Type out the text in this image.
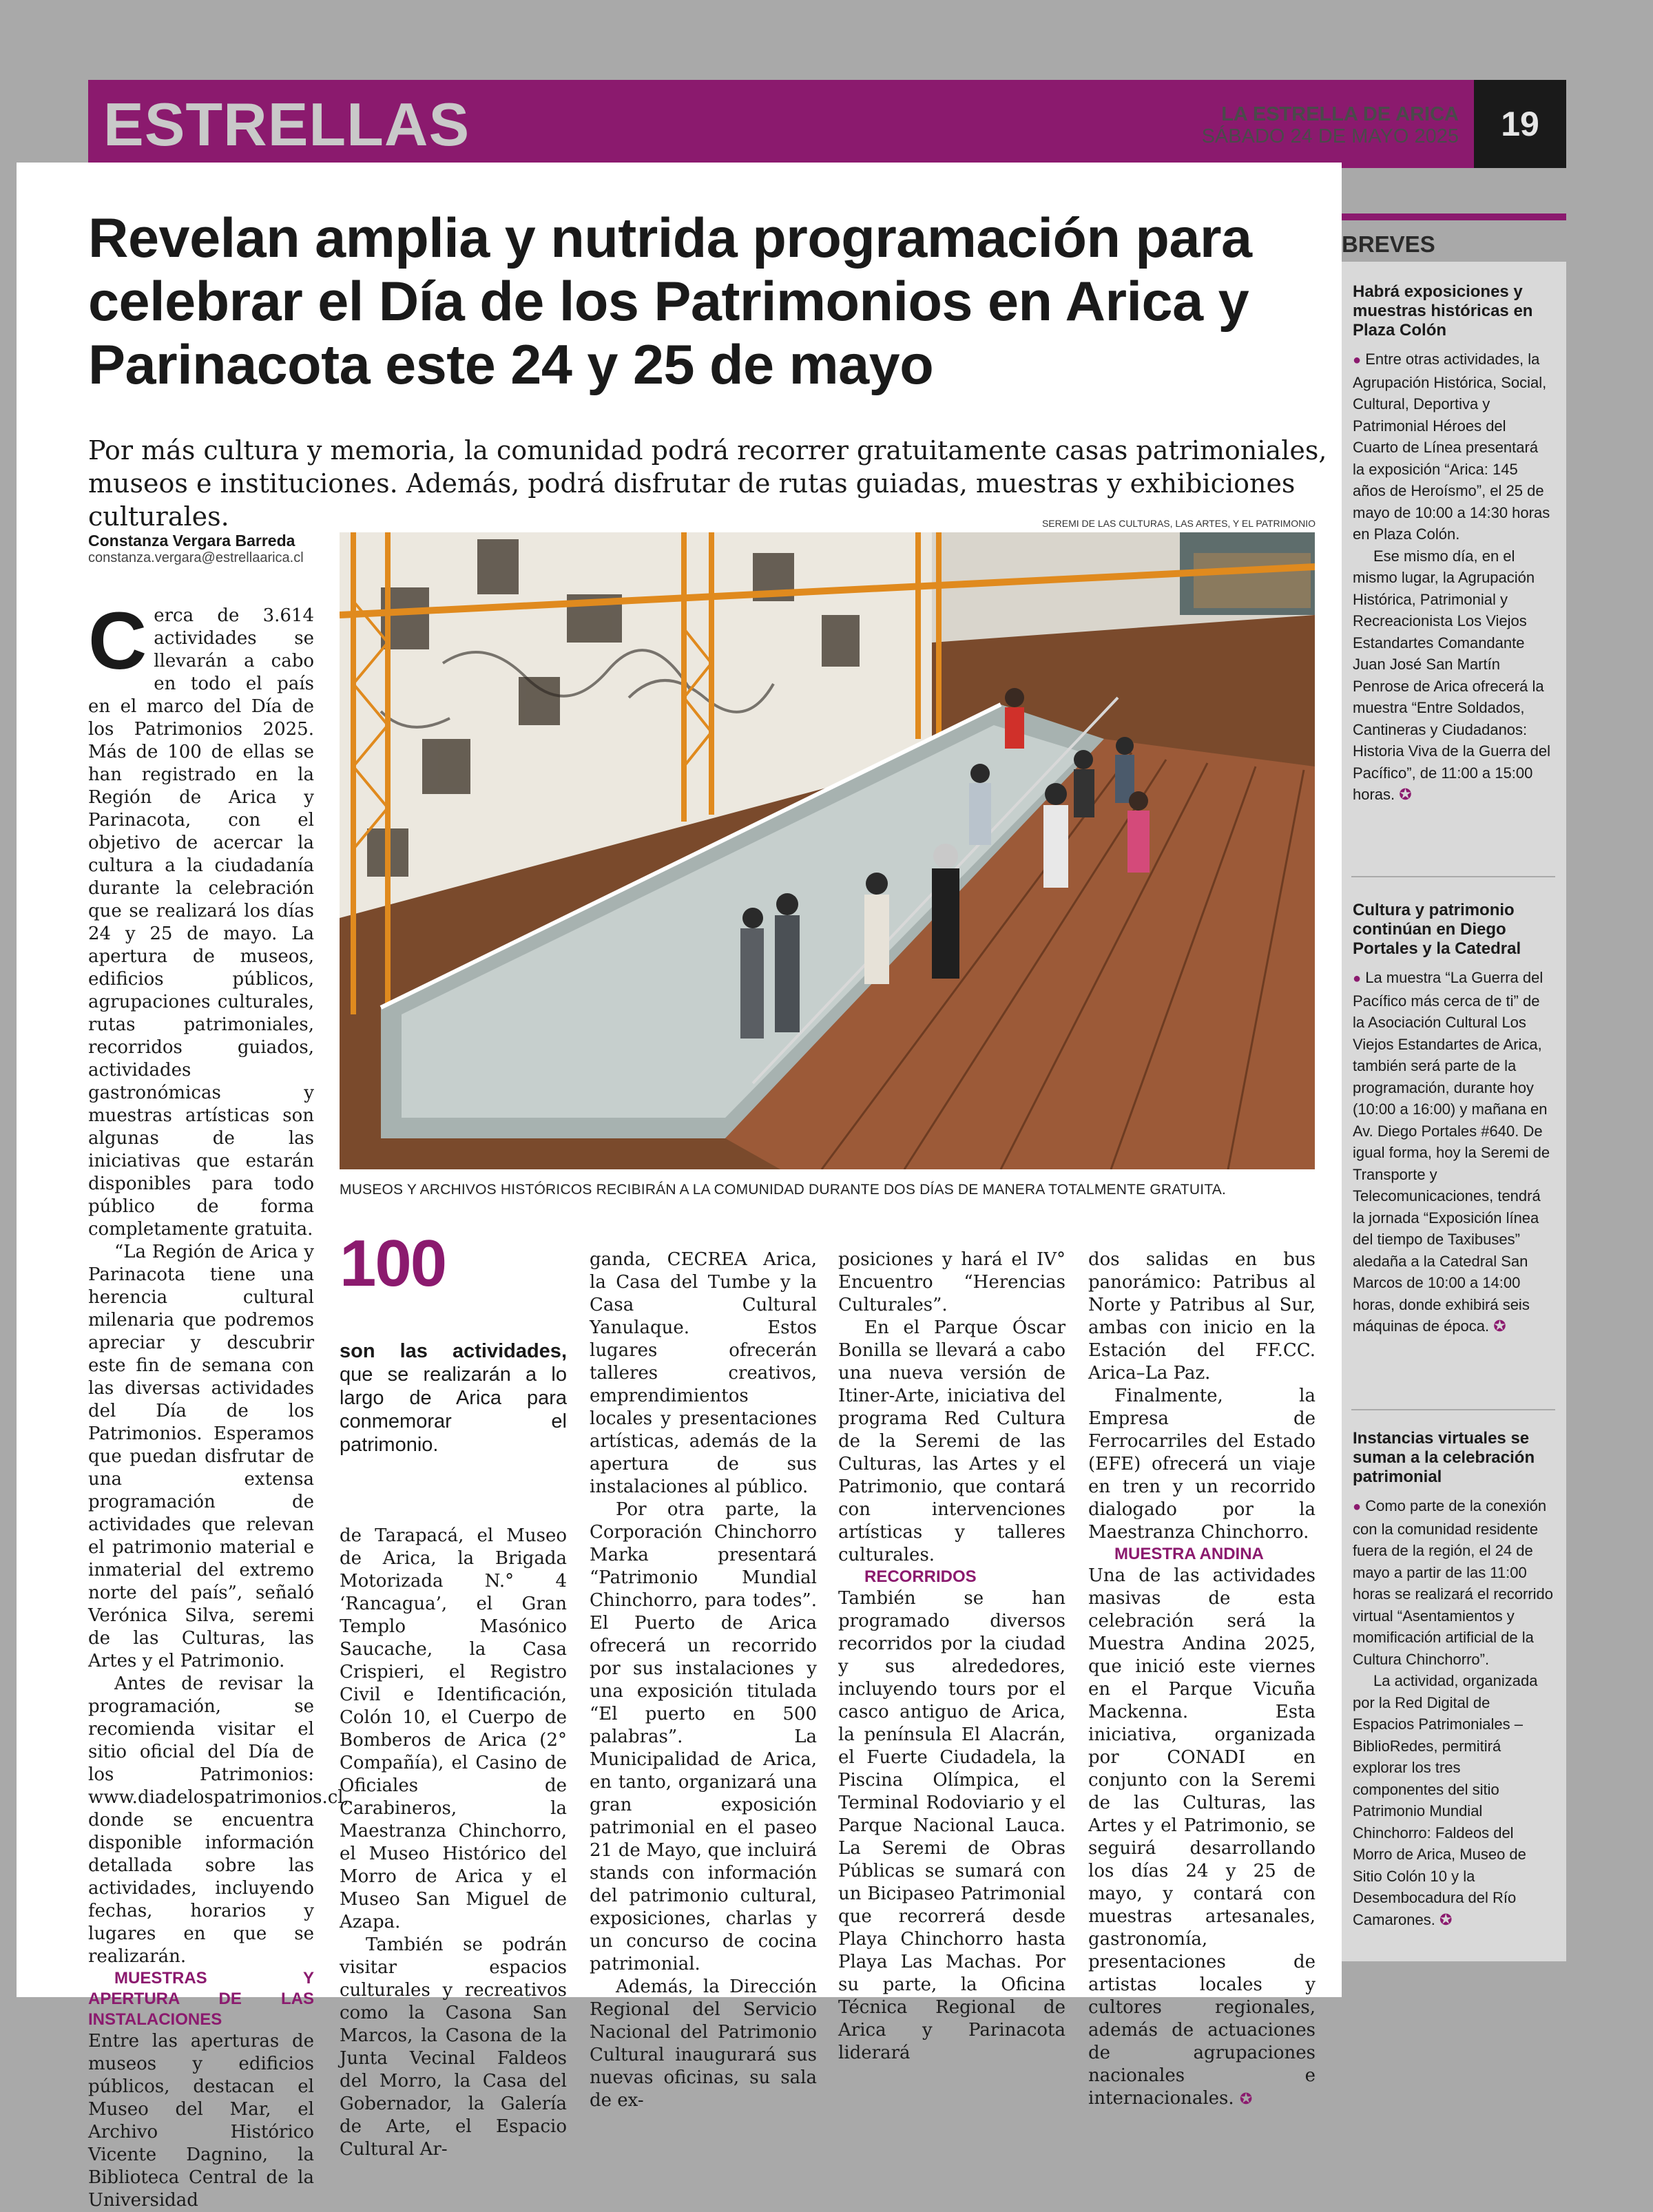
ESTRELLAS	LA ESTRELLA DE ARICA
SÁBADO 24 DE MAYO 2025	19
Revelan amplia y nutrida programación para celebrar el Día de los Patrimonios en Arica y Parinacota este 24 y 25 de mayo

Por más cultura y memoria, la comunidad podrá recorrer gratuitamente casas patrimoniales, museos e instituciones. Además, podrá disfrutar de rutas guiadas, muestras y exhibiciones culturales.

Constanza Vergara Barreda
constanza.vergara@estrellaarica.cl
SEREMI DE LAS CULTURAS, LAS ARTES, Y EL PATRIMONIO
MUSEOS Y ARCHIVOS HISTÓRICOS RECIBIRÁN A LA COMUNIDAD DURANTE DOS DÍAS DE MANERA TOTALMENTE GRATUITA.

Cerca de 3.614 actividades se llevarán a cabo en todo el país en el marco del Día de los Patrimonios 2025. Más de 100 de ellas se han registrado en la Región de Arica y Parinacota, con el objetivo de acercar la cultura a la ciudadanía durante la celebración que se realizará los días 24 y 25 de mayo. La apertura de museos, edificios públicos, agrupaciones culturales, rutas patrimoniales, recorridos guiados, actividades gastronómicas y muestras artísticas son algunas de las iniciativas que estarán disponibles para todo público de forma completamente gratuita.

“La Región de Arica y Parinacota tiene una herencia cultural milenaria que podremos apreciar y descubrir este fin de semana con las diversas actividades del Día de los Patrimonios. Esperamos que puedan disfrutar de una extensa programación de actividades que relevan el patrimonio material e inmaterial del extremo norte del país”, señaló Verónica Silva, seremi de las Culturas, las Artes y el Patrimonio.

Antes de revisar la programación, se recomienda visitar el sitio oficial del Día de los Patrimonios: www.diadelospatrimonios.cl, donde se encuentra disponible información detallada sobre las actividades, incluyendo fechas, horarios y lugares en que se realizarán.

MUESTRAS Y APERTURA DE LAS INSTALACIONES

Entre las aperturas de museos y edificios públicos, destacan el Museo del Mar, el Archivo Histórico Vicente Dagnino, la Biblioteca Central de la Universidad

100
son las actividades, que se realizarán a lo largo de Arica para conmemorar el patrimonio.

de Tarapacá, el Museo de Arica, la Brigada Motorizada N.° 4 ‘Rancagua’, el Gran Templo Masónico Saucache, la Casa Crispieri, el Registro Civil e Identificación, Colón 10, el Cuerpo de Bomberos de Arica (2° Compañía), el Casino de Oficiales de Carabineros, la Maestranza Chinchorro, el Museo Histórico del Morro de Arica y el Museo San Miguel de Azapa.

También se podrán visitar espacios culturales y recreativos como la Casona San Marcos, la Casona de la Junta Vecinal Faldeos del Morro, la Casa del Gobernador, la Galería de Arte, el Espacio Cultural Ar-

ganda, CECREA Arica, la Casa del Tumbe y la Casa Cultural Yanulaque. Estos lugares ofrecerán talleres creativos, emprendimientos locales y presentaciones artísticas, además de la apertura de sus instalaciones al público.

Por otra parte, la Corporación Chinchorro Marka presentará “Patrimonio Mundial Chinchorro, para todes”. El Puerto de Arica ofrecerá un recorrido por sus instalaciones y una exposición titulada “El puerto en 500 palabras”. La Municipalidad de Arica, en tanto, organizará una gran exposición patrimonial en el paseo 21 de Mayo, que incluirá stands con información del patrimonio cultural, exposiciones, charlas y un concurso de cocina patrimonial.

Además, la Dirección Regional del Servicio Nacional del Patrimonio Cultural inaugurará sus nuevas oficinas, su sala de ex-

posiciones y hará el IV° Encuentro “Herencias Culturales”.

En el Parque Óscar Bonilla se llevará a cabo una nueva versión de Itiner-Arte, iniciativa del programa Red Cultura de la Seremi de las Culturas, las Artes y el Patrimonio, que contará con intervenciones artísticas y talleres culturales.

RECORRIDOS

También se han programado diversos recorridos por la ciudad y sus alrededores, incluyendo tours por el casco antiguo de Arica, la península El Alacrán, el Fuerte Ciudadela, la Piscina Olímpica, el Terminal Rodoviario y el Parque Nacional Lauca. La Seremi de Obras Públicas se sumará con un Bicipaseo Patrimonial que recorrerá desde Playa Chinchorro hasta Playa Las Machas. Por su parte, la Oficina Técnica Regional de Arica y Parinacota liderará

dos salidas en bus panorámico: Patribus al Norte y Patribus al Sur, ambas con inicio en la Estación del FF.CC. Arica–La Paz.

Finalmente, la Empresa de Ferrocarriles del Estado (EFE) ofrecerá un viaje en tren y un recorrido dialogado por la Maestranza Chinchorro.

MUESTRA ANDINA

Una de las actividades masivas de esta celebración será la Muestra Andina 2025, que inició este viernes en el Parque Vicuña Mackenna. Esta iniciativa, organizada por CONADI en conjunto con la Seremi de las Culturas, las Artes y el Patrimonio, se seguirá desarrollando los días 24 y 25 de mayo, y contará con muestras artesanales, gastronomía, presentaciones de artistas locales y cultores regionales, además de actuaciones de agrupaciones nacionales e internacionales. ✪

BREVES
Habrá exposiciones y muestras históricas en Plaza Colón

● Entre otras actividades, la Agrupación Histórica, Social, Cultural, Deportiva y Patrimonial Héroes del Cuarto de Línea presentará la exposición “Arica: 145 años de Heroísmo”, el 25 de mayo de 10:00 a 14:30 horas en Plaza Colón.

Ese mismo día, en el mismo lugar, la Agrupación Histórica, Patrimonial y Recreacionista Los Viejos Estandartes Comandante Juan José San Martín Penrose de Arica ofrecerá la muestra “Entre Soldados, Cantineras y Ciudadanos: Historia Viva de la Guerra del Pacífico”, de 11:00 a 15:00 horas. ✪

Cultura y patrimonio continúan en Diego Portales y la Catedral

● La muestra “La Guerra del Pacífico más cerca de ti” de la Asociación Cultural Los Viejos Estandartes de Arica, también será parte de la programación, durante hoy (10:00 a 16:00) y mañana en Av. Diego Portales #640. De igual forma, hoy la Seremi de Transporte y Telecomunicaciones, tendrá la jornada “Exposición línea del tiempo de Taxibuses” aledaña a la Catedral San Marcos de 10:00 a 14:00 horas, donde exhibirá seis máquinas de época. ✪

Instancias virtuales se suman a la celebración patrimonial

● Como parte de la conexión con la comunidad residente fuera de la región, el 24 de mayo a partir de las 11:00 horas se realizará el recorrido virtual “Asentamientos y momificación artificial de la Cultura Chinchorro”.

La actividad, organizada por la Red Digital de Espacios Patrimoniales – BiblioRedes, permitirá explorar los tres componentes del sitio Patrimonio Mundial Chinchorro: Faldeos del Morro de Arica, Museo de Sitio Colón 10 y la Desembocadura del Río Camarones. ✪
